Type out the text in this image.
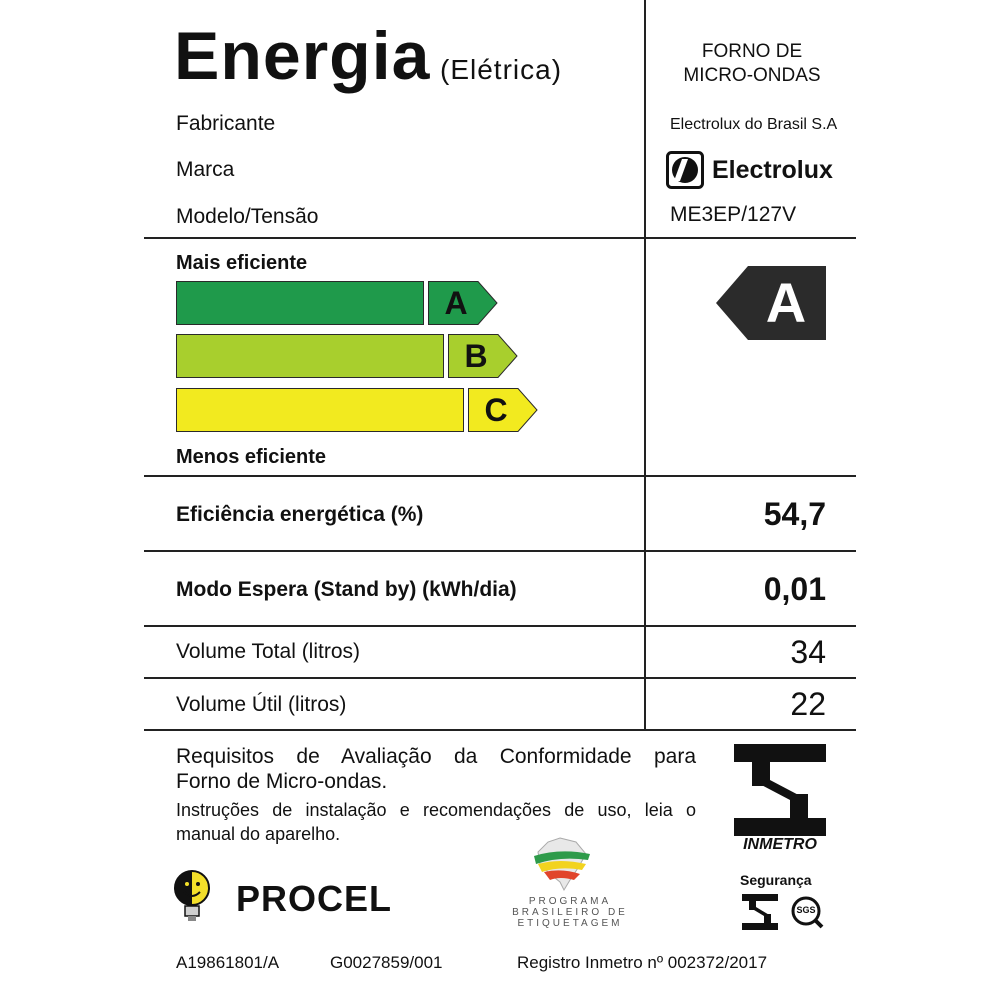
Energia (Elétrica)
FORNO DE
MICRO-ONDAS
Fabricante	Electrolux do Brasil S.A
Marca	Electrolux
Modelo/Tensão	ME3EP/127V
Mais eficiente
A
B
C
Menos eficiente
A
Eficiência energética (%)	54,7
Modo Espera (Stand by) (kWh/dia)	0,01
Volume Total (litros)	34
Volume Útil (litros)	22
Requisitos de Avaliação da Conformidade para
Forno de Micro-ondas.
Instruções de instalação e recomendações de uso, leia o
manual do aparelho.
INMETRO
Segurança
SGS
PROCEL	PROGRAMA
BRASILEIRO DE
ETIQUETAGEM
A19861801/A	G0027859/001	Registro Inmetro nº 002372/2017
